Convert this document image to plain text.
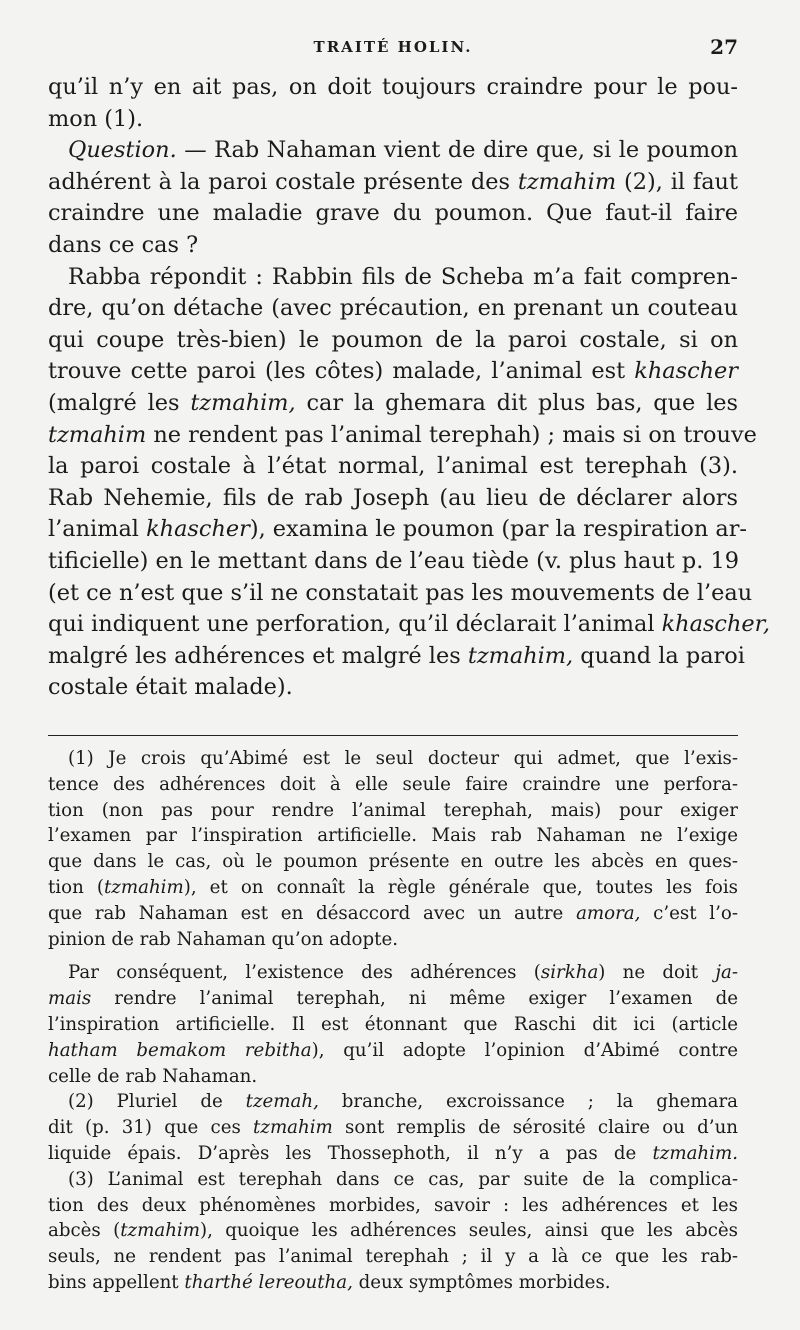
TRAITÉ HOLIN.	27
qu’il n’y en ait pas, on doit toujours craindre pour le pou-
mon (1).
Question. — Rab Nahaman vient de dire que, si le poumon
adhérent à la paroi costale présente des tzmahim (2), il faut
craindre une maladie grave du poumon. Que faut-il faire
dans ce cas ?
Rabba répondit : Rabbin fils de Scheba m’a fait compren-
dre, qu’on détache (avec précaution, en prenant un couteau
qui coupe très-bien) le poumon de la paroi costale, si on
trouve cette paroi (les côtes) malade, l’animal est khascher
(malgré les tzmahim, car la ghemara dit plus bas, que les
tzmahim ne rendent pas l’animal terephah) ; mais si on trouve
la paroi costale à l’état normal, l’animal est terephah (3).
Rab Nehemie, fils de rab Joseph (au lieu de déclarer alors
l’animal khascher), examina le poumon (par la respiration ar-
tificielle) en le mettant dans de l’eau tiède (v. plus haut p. 19
(et ce n’est que s’il ne constatait pas les mouvements de l’eau
qui indiquent une perforation, qu’il déclarait l’animal khascher,
malgré les adhérences et malgré les tzmahim, quand la paroi
costale était malade).
(1) Je crois qu’Abimé est le seul docteur qui admet, que l’exis-
tence des adhérences doit à elle seule faire craindre une perfora-
tion (non pas pour rendre l’animal terephah, mais) pour exiger
l’examen par l’inspiration artificielle. Mais rab Nahaman ne l’exige
que dans le cas, où le poumon présente en outre les abcès en ques-
tion (tzmahim), et on connaît la règle générale que, toutes les fois
que rab Nahaman est en désaccord avec un autre amora, c’est l’o-
pinion de rab Nahaman qu’on adopte.
Par conséquent, l’existence des adhérences (sirkha) ne doit ja-
mais rendre l’animal terephah, ni même exiger l’examen de
l’inspiration artificielle. Il est étonnant que Raschi dit ici (article
hatham bemakom rebitha), qu’il adopte l’opinion d’Abimé contre
celle de rab Nahaman.
(2) Pluriel de tzemah, branche, excroissance ; la ghemara
dit (p. 31) que ces tzmahim sont remplis de sérosité claire ou d’un
liquide épais. D’après les Thossephoth, il n’y a pas de tzmahim.
(3) L’animal est terephah dans ce cas, par suite de la complica-
tion des deux phénomènes morbides, savoir : les adhérences et les
abcès (tzmahim), quoique les adhérences seules, ainsi que les abcès
seuls, ne rendent pas l’animal terephah ; il y a là ce que les rab-
bins appellent tharthé lereoutha, deux symptômes morbides.
